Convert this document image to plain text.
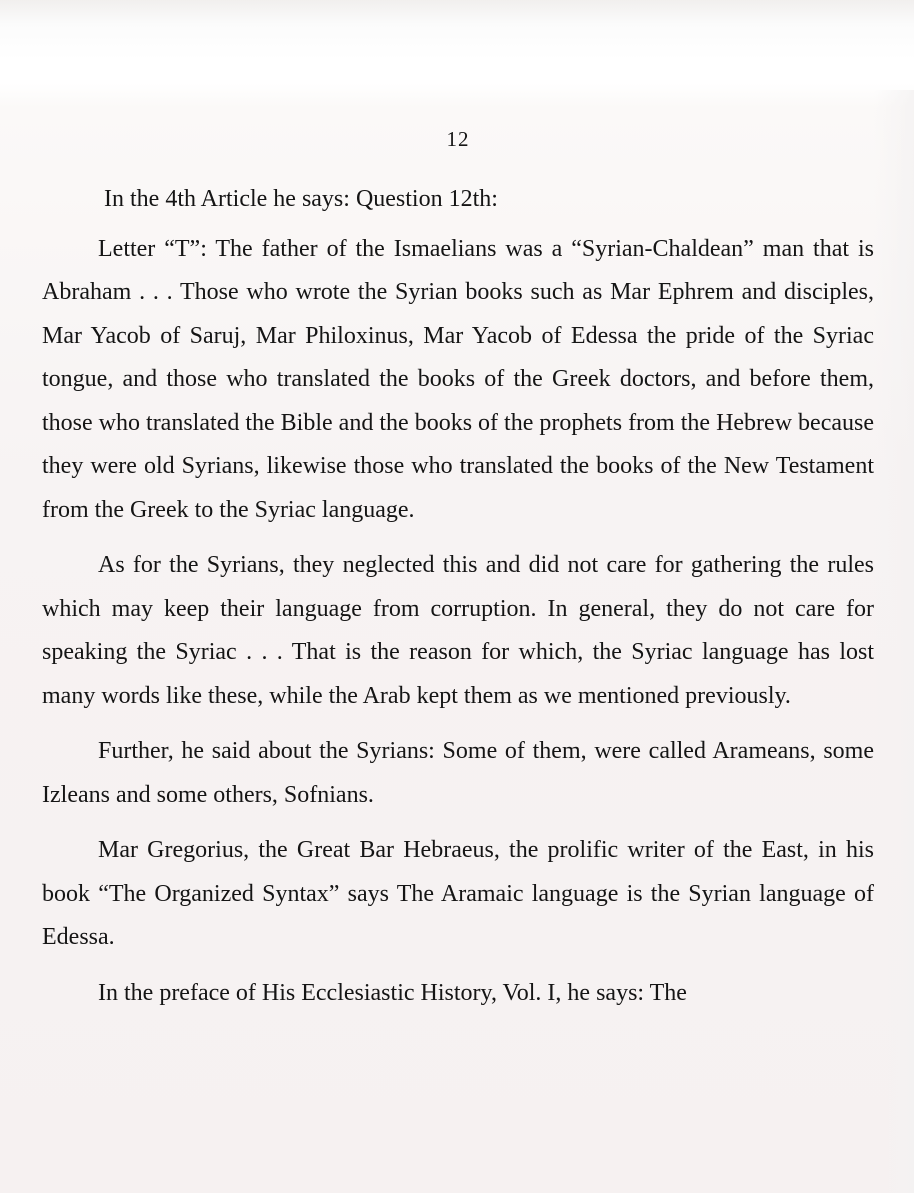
12

In the 4th Article he says: Question 12th:

Letter “T”: The father of the Ismaelians was a “Syrian-Chaldean” man that is Abraham . . . Those who wrote the Syrian books such as Mar Ephrem and disciples, Mar Yacob of Saruj, Mar Philoxinus, Mar Yacob of Edessa the pride of the Syriac tongue, and those who translated the books of the Greek doctors, and before them, those who translated the Bible and the books of the prophets from the Hebrew because they were old Syrians, likewise those who translated the books of the New Testament from the Greek to the Syriac language.

As for the Syrians, they neglected this and did not care for gathering the rules which may keep their language from corruption. In general, they do not care for speaking the Syriac . . . That is the reason for which, the Syriac language has lost many words like these, while the Arab kept them as we mentioned previously.

Further, he said about the Syrians: Some of them, were called Arameans, some Izleans and some others, Sofnians.

Mar Gregorius, the Great Bar Hebraeus, the prolific writer of the East, in his book “The Organized Syntax” says The Aramaic language is the Syrian language of Edessa.

In the preface of His Ecclesiastic History, Vol. I, he says: The
